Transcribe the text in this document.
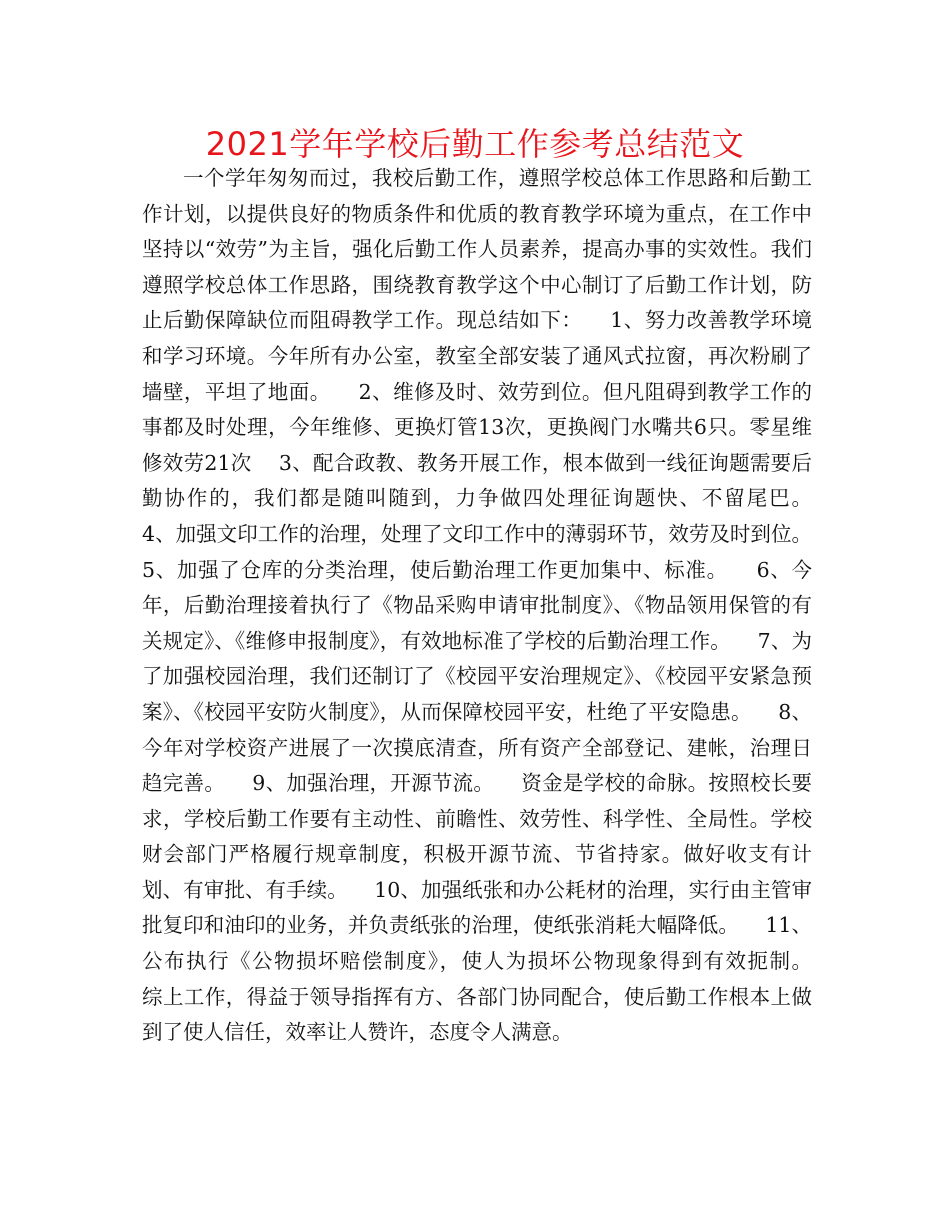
2021学年学校后勤工作参考总结范文

一个学年匆匆而过，我校后勤工作，遵照学校总体工作思路和后勤工作计划，以提供良好的物质条件和优质的教育教学环境为重点，在工作中坚持以“效劳”为主旨，强化后勤工作人员素养，提高办事的实效性。我们遵照学校总体工作思路，围绕教育教学这个中心制订了后勤工作计划，防止后勤保障缺位而阻碍教学工作。现总结如下：    1、努力改善教学环境和学习环境。今年所有办公室，教室全部安装了通风式拉窗，再次粉刷了墙壁，平坦了地面。    2、维修及时、效劳到位。但凡阻碍到教学工作的事都及时处理，今年维修、更换灯管13次，更换阀门水嘴共6只。零星维修效劳21次    3、配合政教、教务开展工作，根本做到一线征询题需要后勤协作的，我们都是随叫随到，力争做四处理征询题快、不留尾巴。    4、加强文印工作的治理，处理了文印工作中的薄弱环节，效劳及时到位。    5、加强了仓库的分类治理，使后勤治理工作更加集中、标准。    6、今年，后勤治理接着执行了《物品采购申请审批制度》、《物品领用保管的有关规定》、《维修申报制度》，有效地标准了学校的后勤治理工作。    7、为了加强校园治理，我们还制订了《校园平安治理规定》、《校园平安紧急预案》、《校园平安防火制度》，从而保障校园平安，杜绝了平安隐患。    8、今年对学校资产进展了一次摸底清查，所有资产全部登记、建帐，治理日趋完善。    9、加强治理，开源节流。    资金是学校的命脉。按照校长要求，学校后勤工作要有主动性、前瞻性、效劳性、科学性、全局性。学校财会部门严格履行规章制度，积极开源节流、节省持家。做好收支有计划、有审批、有手续。    10、加强纸张和办公耗材的治理，实行由主管审批复印和油印的业务，并负责纸张的治理，使纸张消耗大幅降低。    11、公布执行《公物损坏赔偿制度》，使人为损坏公物现象得到有效扼制。    综上工作，得益于领导指挥有方、各部门协同配合，使后勤工作根本上做到了使人信任，效率让人赞许，态度令人满意。
